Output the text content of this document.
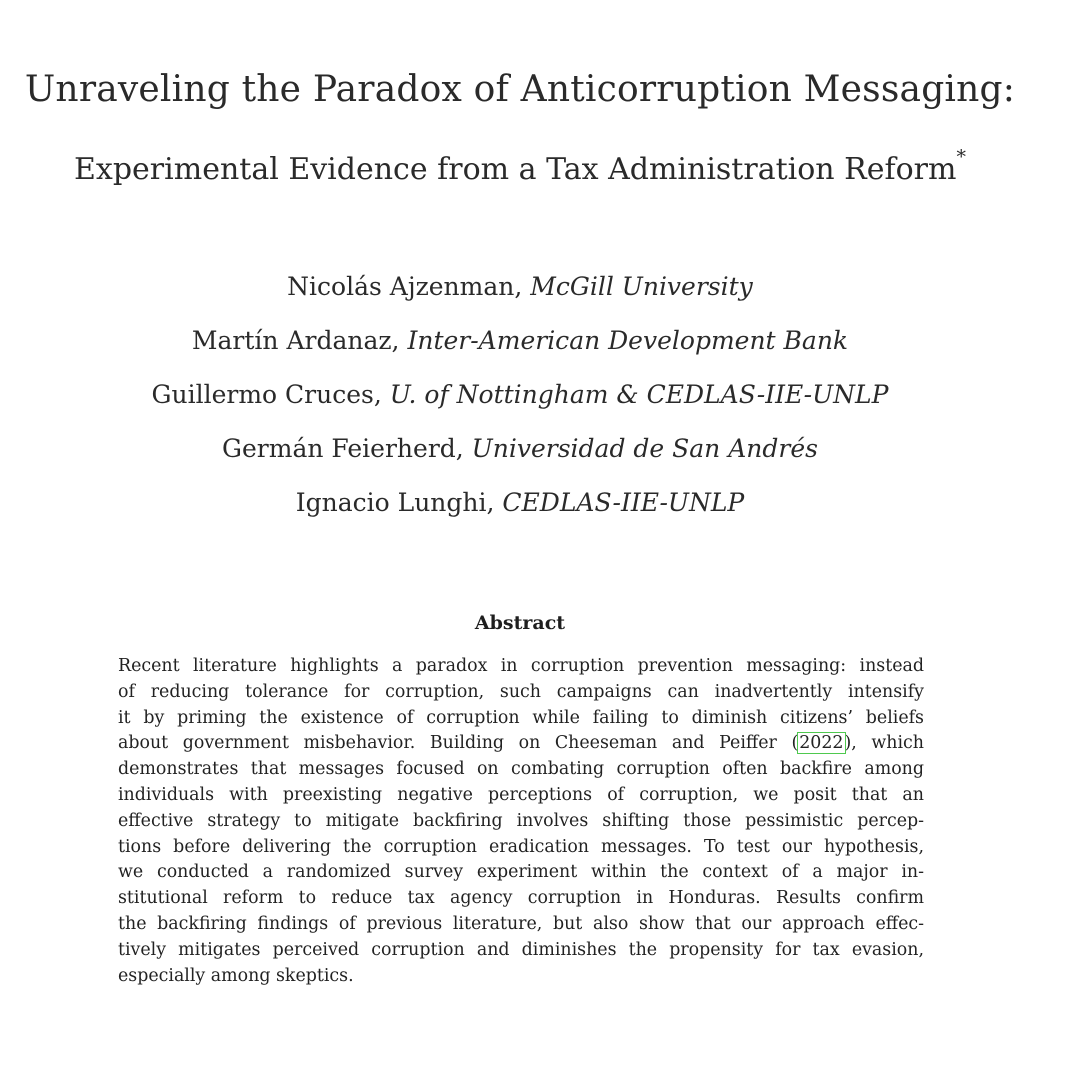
Unraveling the Paradox of Anticorruption Messaging:
Experimental Evidence from a Tax Administration Reform*
Nicolás Ajzenman, McGill University
Martín Ardanaz, Inter-American Development Bank
Guillermo Cruces, U. of Nottingham & CEDLAS-IIE-UNLP
Germán Feierherd, Universidad de San Andrés
Ignacio Lunghi, CEDLAS-IIE-UNLP
Abstract
Recent literature highlights a paradox in corruption prevention messaging: instead
of reducing tolerance for corruption, such campaigns can inadvertently intensify
it by priming the existence of corruption while failing to diminish citizens’ beliefs
about government misbehavior. Building on Cheeseman and Peiffer (2022), which
demonstrates that messages focused on combating corruption often backfire among
individuals with preexisting negative perceptions of corruption, we posit that an
effective strategy to mitigate backfiring involves shifting those pessimistic percep-
tions before delivering the corruption eradication messages. To test our hypothesis,
we conducted a randomized survey experiment within the context of a major in-
stitutional reform to reduce tax agency corruption in Honduras. Results confirm
the backfiring findings of previous literature, but also show that our approach effec-
tively mitigates perceived corruption and diminishes the propensity for tax evasion,
especially among skeptics.
